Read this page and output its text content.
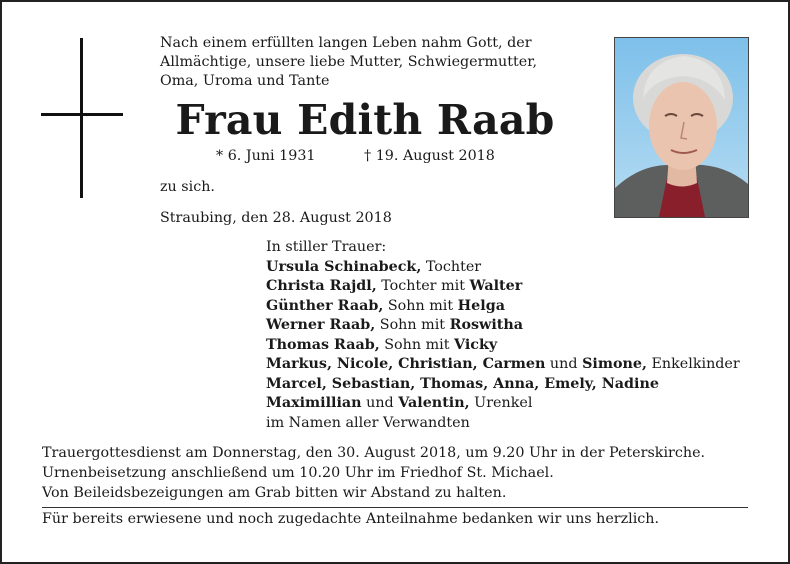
Nach einem erfüllten langen Leben nahm Gott, der
Allmächtige, unsere liebe Mutter, Schwiegermutter,
Oma, Uroma und Tante
Frau Edith Raab
* 6. Juni 1931	† 19. August 2018
zu sich.
Straubing, den 28. August 2018
In stiller Trauer:
Ursula Schinabeck, Tochter
Christa Rajdl, Tochter mit Walter
Günther Raab, Sohn mit Helga
Werner Raab, Sohn mit Roswitha
Thomas Raab, Sohn mit Vicky
Markus, Nicole, Christian, Carmen und Simone, Enkelkinder
Marcel, Sebastian, Thomas, Anna, Emely, Nadine
Maximillian und Valentin, Urenkel
im Namen aller Verwandten
Trauergottesdienst am Donnerstag, den 30. August 2018, um 9.20 Uhr in der Peterskirche.
Urnenbeisetzung anschließend um 10.20 Uhr im Friedhof St. Michael.
Von Beileidsbezeigungen am Grab bitten wir Abstand zu halten.
Für bereits erwiesene und noch zugedachte Anteilnahme bedanken wir uns herzlich.
